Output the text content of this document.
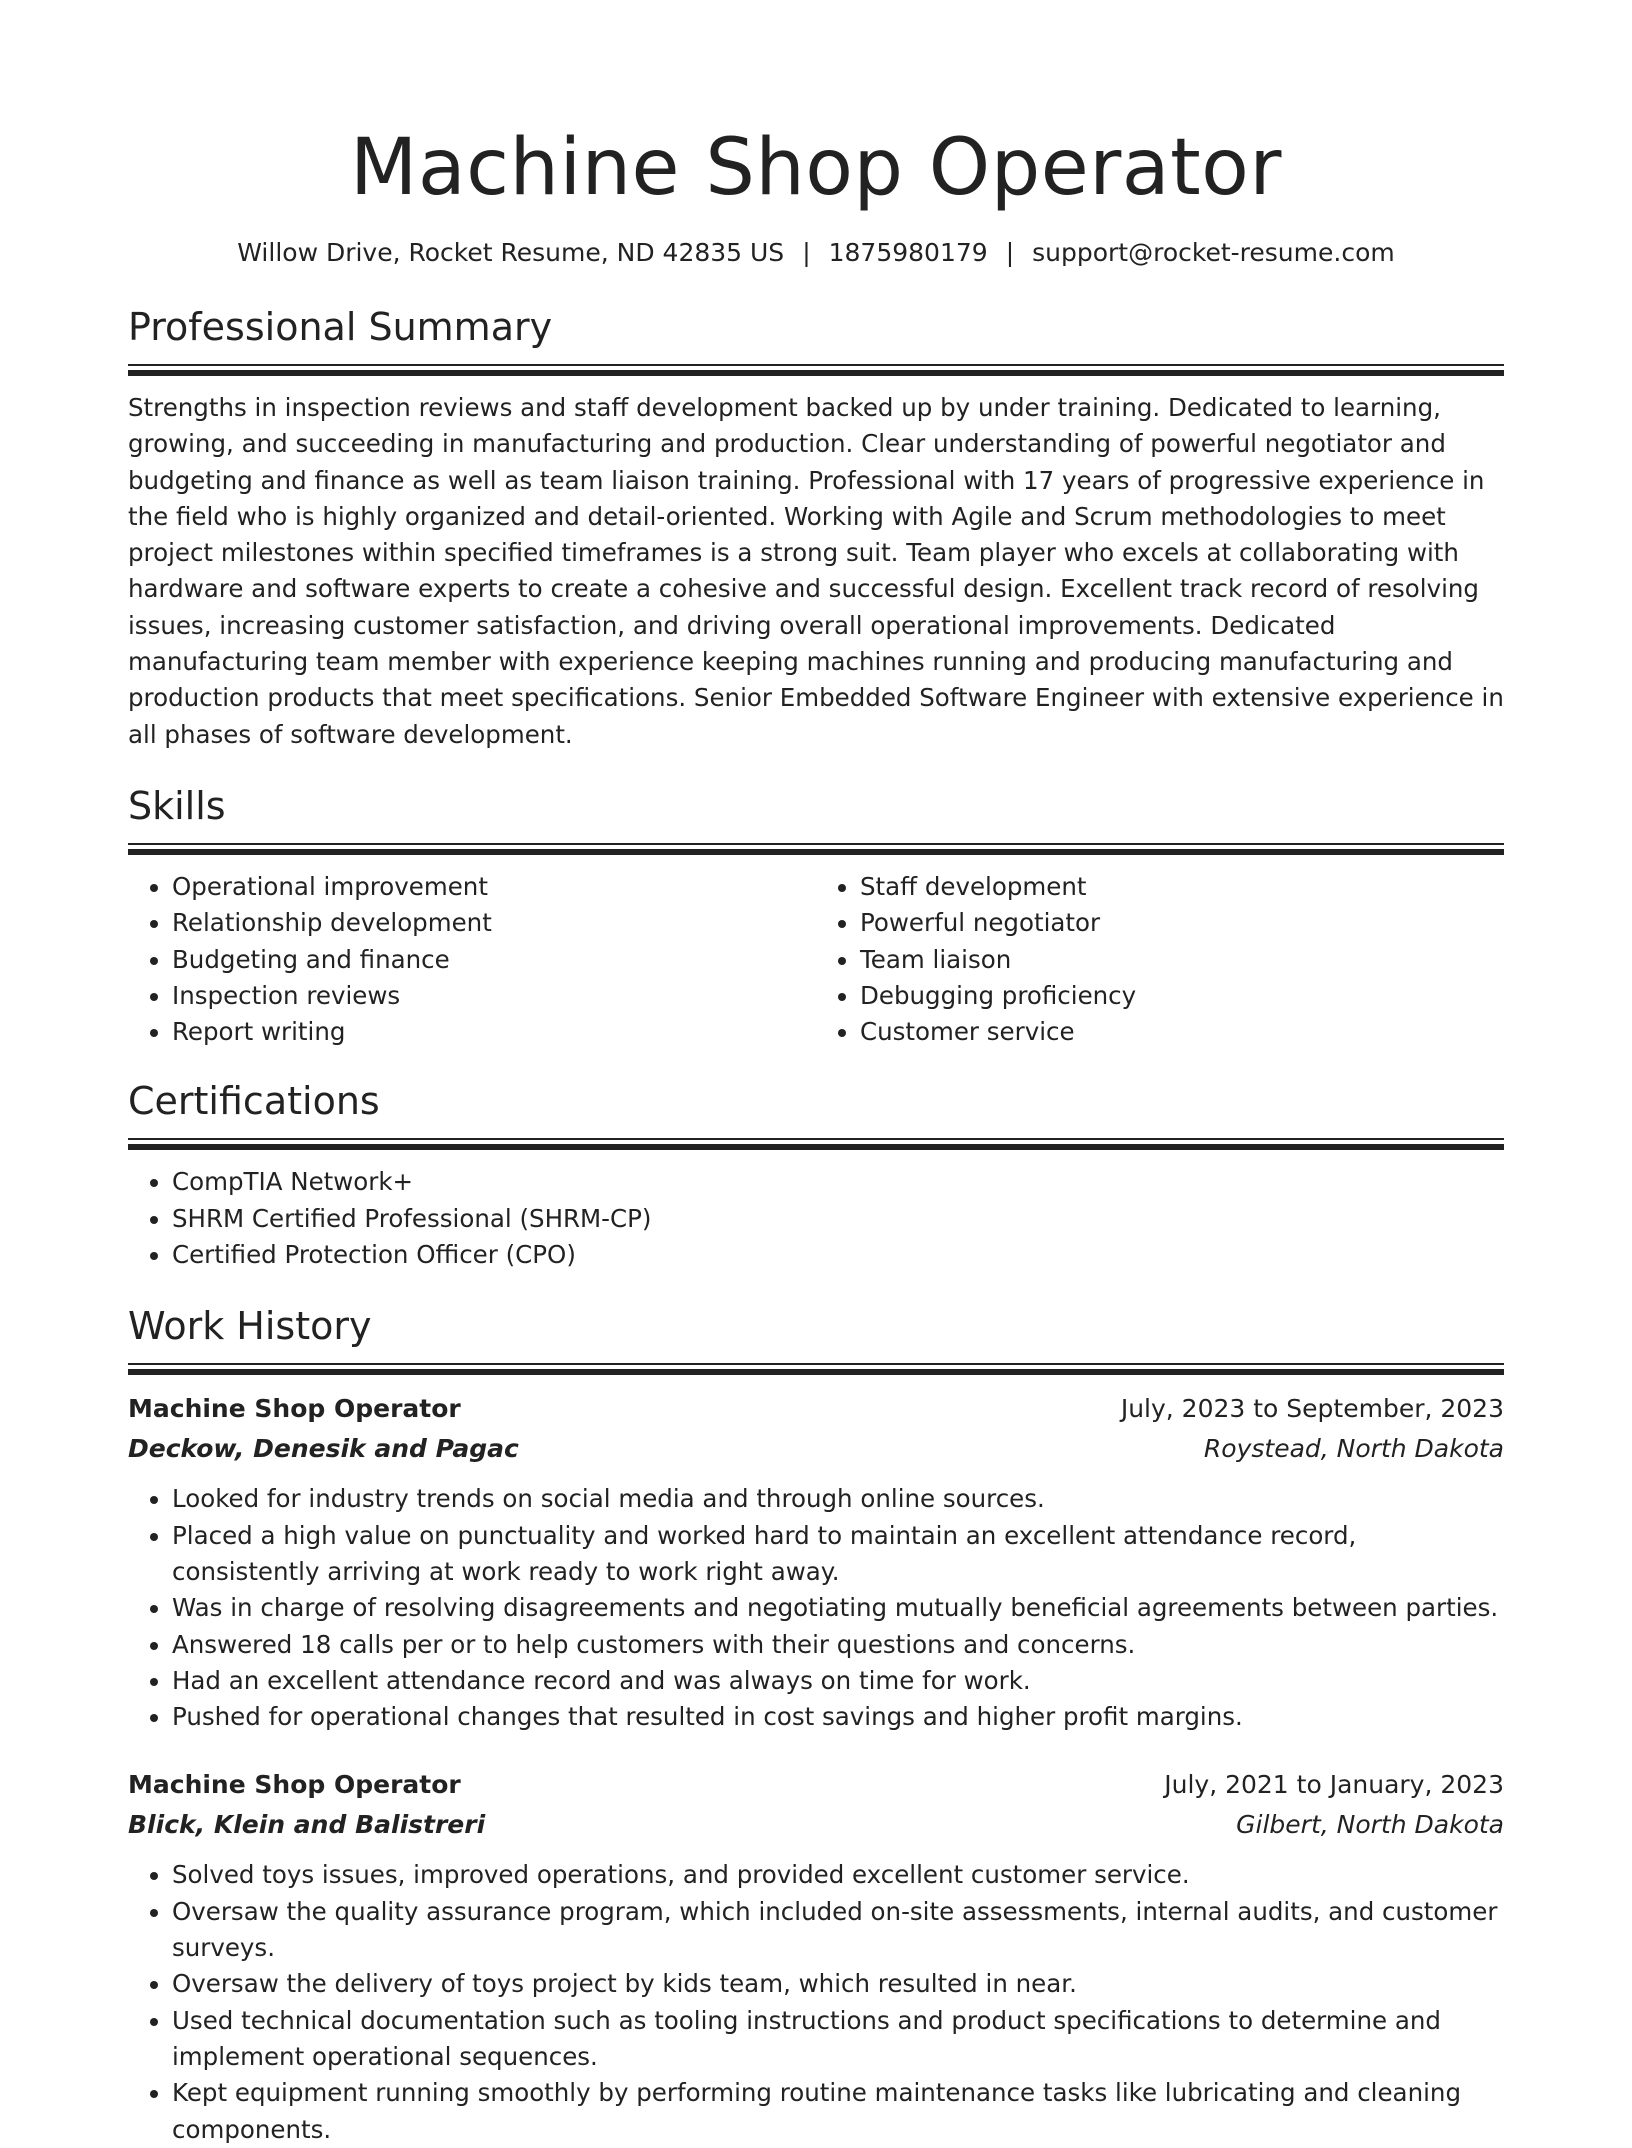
Machine Shop Operator
Willow Drive, Rocket Resume, ND 42835 US | 1875980179 | support@rocket-resume.com
Professional Summary

Strengths in inspection reviews and staff development backed up by under training. Dedicated to learning, growing, and succeeding in manufacturing and production. Clear understanding of powerful negotiator and budgeting and finance as well as team liaison training. Professional with 17 years of progressive experience in the field who is highly organized and detail-oriented. Working with Agile and Scrum methodologies to meet project milestones within specified timeframes is a strong suit. Team player who excels at collaborating with hardware and software experts to create a cohesive and successful design. Excellent track record of resolving issues, increasing customer satisfaction, and driving overall operational improvements. Dedicated manufacturing team member with experience keeping machines running and producing manufacturing and production products that meet specifications. Senior Embedded Software Engineer with extensive experience in all phases of software development.

Skills
• Operational improvement
• Relationship development
• Budgeting and finance
• Inspection reviews
• Report writing
• Staff development
• Powerful negotiator
• Team liaison
• Debugging proficiency
• Customer service
Certifications
• CompTIA Network+
• SHRM Certified Professional (SHRM-CP)
• Certified Protection Officer (CPO)
Work History
Machine Shop Operator	July, 2023 to September, 2023
Deckow, Denesik and Pagac	Roystead, North Dakota
• Looked for industry trends on social media and through online sources.
• Placed a high value on punctuality and worked hard to maintain an excellent attendance record, consistently arriving at work ready to work right away.
• Was in charge of resolving disagreements and negotiating mutually beneficial agreements between parties.
• Answered 18 calls per or to help customers with their questions and concerns.
• Had an excellent attendance record and was always on time for work.
• Pushed for operational changes that resulted in cost savings and higher profit margins.
Machine Shop Operator	July, 2021 to January, 2023
Blick, Klein and Balistreri	Gilbert, North Dakota
• Solved toys issues, improved operations, and provided excellent customer service.
• Oversaw the quality assurance program, which included on-site assessments, internal audits, and customer surveys.
• Oversaw the delivery of toys project by kids team, which resulted in near.
• Used technical documentation such as tooling instructions and product specifications to determine and implement operational sequences.
• Kept equipment running smoothly by performing routine maintenance tasks like lubricating and cleaning components.
